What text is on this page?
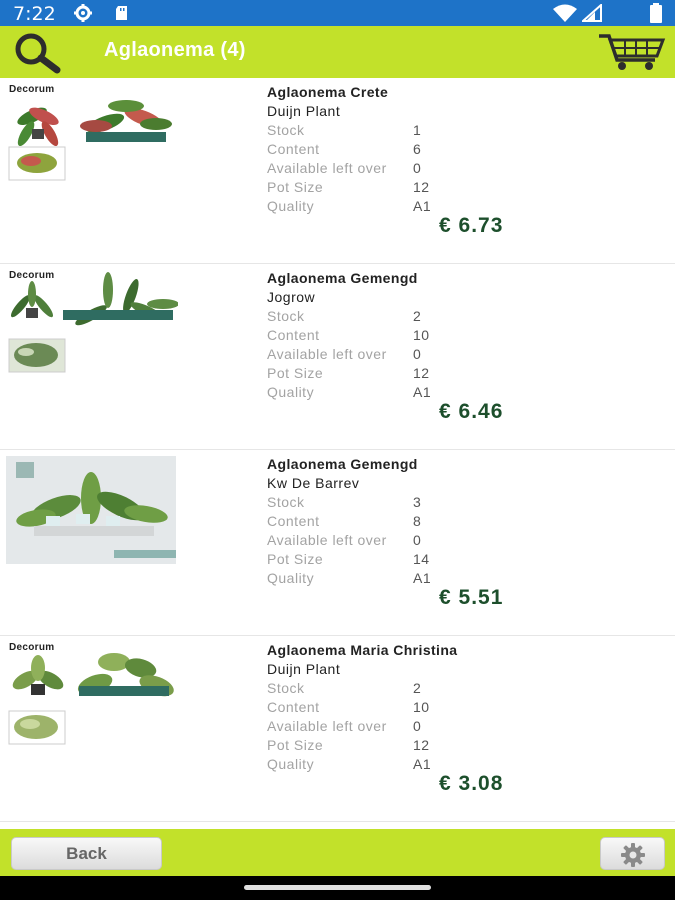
7:22
Aglaonema (4)
Decorum	Aglaonema Crete
Duijn Plant
Stock	1
Content	6
Available left over	0
Pot Size	12
Quality	A1
€ 6.73
Decorum	Aglaonema Gemengd
Jogrow
Stock	2
Content	10
Available left over	0
Pot Size	12
Quality	A1
€ 6.46
Aglaonema Gemengd
Kw De Barrev
Stock	3
Content	8
Available left over	0
Pot Size	14
Quality	A1
€ 5.51
Decorum	Aglaonema Maria Christina
Duijn Plant
Stock	2
Content	10
Available left over	0
Pot Size	12
Quality	A1
€ 3.08
Back
